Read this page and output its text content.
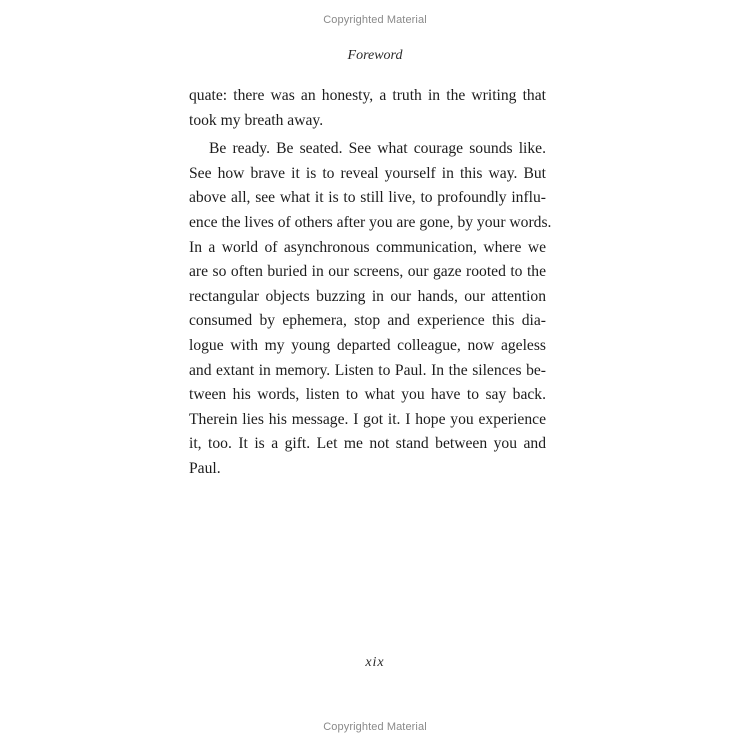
Copyrighted Material
Foreword
quate: there was an honesty, a truth in the writing that
took my breath away.
Be ready. Be seated. See what courage sounds like.
See how brave it is to reveal yourself in this way. But
above all, see what it is to still live, to profoundly influ-
ence the lives of others after you are gone, by your words.
In a world of asynchronous communication, where we
are so often buried in our screens, our gaze rooted to the
rectangular objects buzzing in our hands, our attention
consumed by ephemera, stop and experience this dia-
logue with my young departed colleague, now ageless
and extant in memory. Listen to Paul. In the silences be-
tween his words, listen to what you have to say back.
Therein lies his message. I got it. I hope you experience
it, too. It is a gift. Let me not stand between you and
Paul.
xix
Copyrighted Material
